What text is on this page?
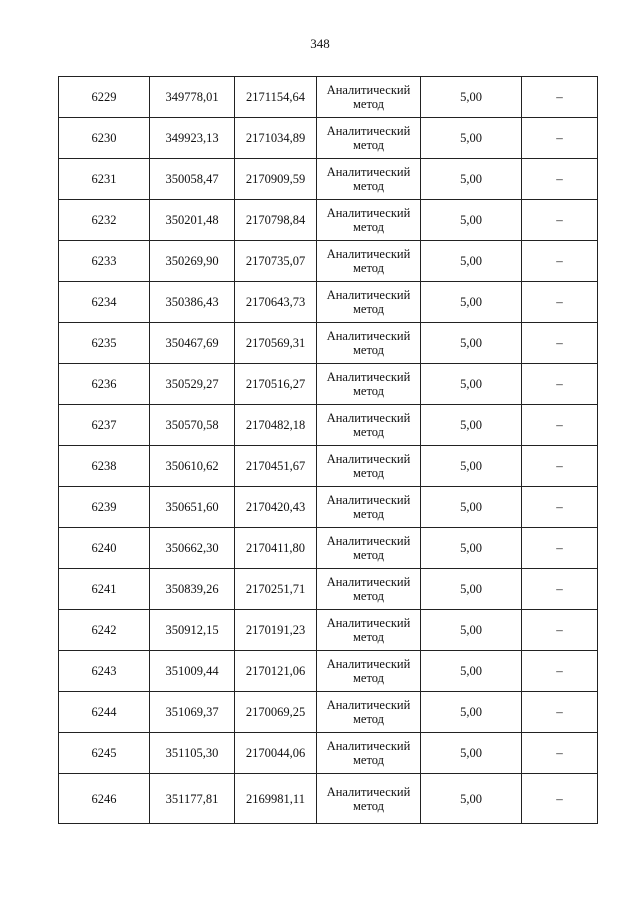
348
6229	349778,01	2171154,64	Аналитический
метод	5,00	–
6230	349923,13	2171034,89	Аналитический
метод	5,00	–
6231	350058,47	2170909,59	Аналитический
метод	5,00	–
6232	350201,48	2170798,84	Аналитический
метод	5,00	–
6233	350269,90	2170735,07	Аналитический
метод	5,00	–
6234	350386,43	2170643,73	Аналитический
метод	5,00	–
6235	350467,69	2170569,31	Аналитический
метод	5,00	–
6236	350529,27	2170516,27	Аналитический
метод	5,00	–
6237	350570,58	2170482,18	Аналитический
метод	5,00	–
6238	350610,62	2170451,67	Аналитический
метод	5,00	–
6239	350651,60	2170420,43	Аналитический
метод	5,00	–
6240	350662,30	2170411,80	Аналитический
метод	5,00	–
6241	350839,26	2170251,71	Аналитический
метод	5,00	–
6242	350912,15	2170191,23	Аналитический
метод	5,00	–
6243	351009,44	2170121,06	Аналитический
метод	5,00	–
6244	351069,37	2170069,25	Аналитический
метод	5,00	–
6245	351105,30	2170044,06	Аналитический
метод	5,00	–
6246	351177,81	2169981,11	Аналитический
метод	5,00	–
